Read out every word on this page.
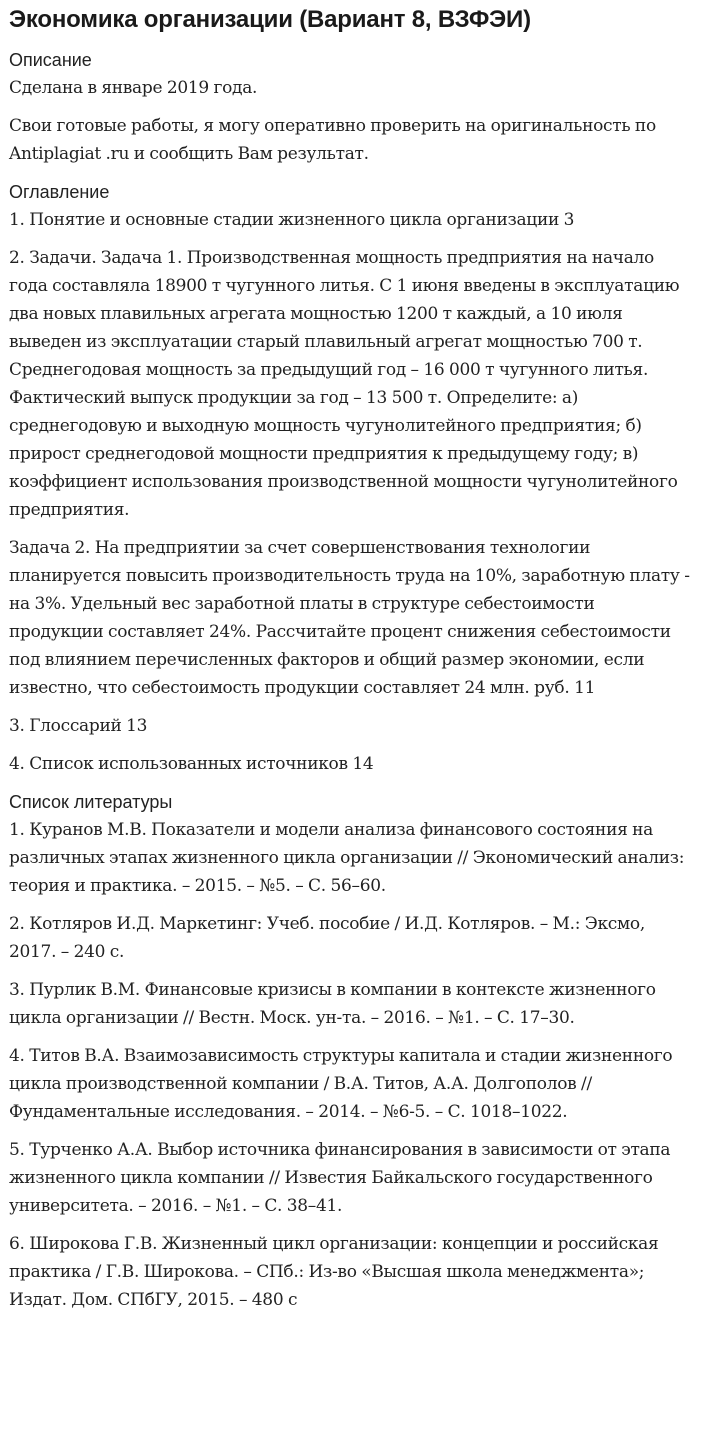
Экономика организации (Вариант 8, ВЗФЭИ)
Описание

Сделана в январе 2019 года.

Свои готовые работы, я могу оперативно проверить на оригинальность по Antiplagiat .ru и сообщить Вам результат.

Оглавление

1. Понятие и основные стадии жизненного цикла организации 3

2. Задачи. Задача 1. Производственная мощность предприятия на начало года составляла 18900 т чугунного литья. С 1 июня введены в эксплуатацию два новых плавильных агрегата мощностью 1200 т каждый, а 10 июля выведен из эксплуатации старый плавильный агрегат мощностью 700 т. Среднегодовая мощность за предыдущий год – 16 000 т чугунного литья. Фактический выпуск продукции за год – 13 500 т. Определите: а) среднегодовую и выходную мощность чугунолитейного предприятия; б) прирост среднегодовой мощности предприятия к предыдущему году; в) коэффициент использования производственной мощности чугунолитейного предприятия.

Задача 2. На предприятии за счет совершенствования технологии планируется повысить производительность труда на 10%, заработную плату - на 3%. Удельный вес заработной платы в структуре себестоимости продукции составляет 24%. Рассчитайте процент снижения себестоимости под влиянием перечисленных факторов и общий размер экономии, если известно, что себестоимость продукции составляет 24 млн. руб. 11

3. Глоссарий 13

4. Список использованных источников 14

Список литературы

1. Куранов М.В. Показатели и модели анализа финансового состояния на различных этапах жизненного цикла организации // Экономический анализ: теория и практика. – 2015. – №5. – С. 56–60.

2. Котляров И.Д. Маркетинг: Учеб. пособие / И.Д. Котляров. – М.: Эксмо, 2017. – 240 с.

3. Пурлик В.М. Финансовые кризисы в компании в контексте жизненного цикла организации // Вестн. Моск. ун-та. – 2016. – №1. – С. 17–30.

4. Титов В.А. Взаимозависимость структуры капитала и стадии жизненного цикла производственной компании / В.А. Титов, А.А. Долгополов // Фундаментальные исследования. – 2014. – №6-5. – С. 1018–1022.

5. Турченко А.А. Выбор источника финансирования в зависимости от этапа жизненного цикла компании // Известия Байкальского государственного университета. – 2016. – №1. – С. 38–41.

6. Широкова Г.В. Жизненный цикл организации: концепции и российская практика / Г.В. Широкова. – СПб.: Из-во «Высшая школа менеджмента»; Издат. Дом. СПбГУ, 2015. – 480 с
